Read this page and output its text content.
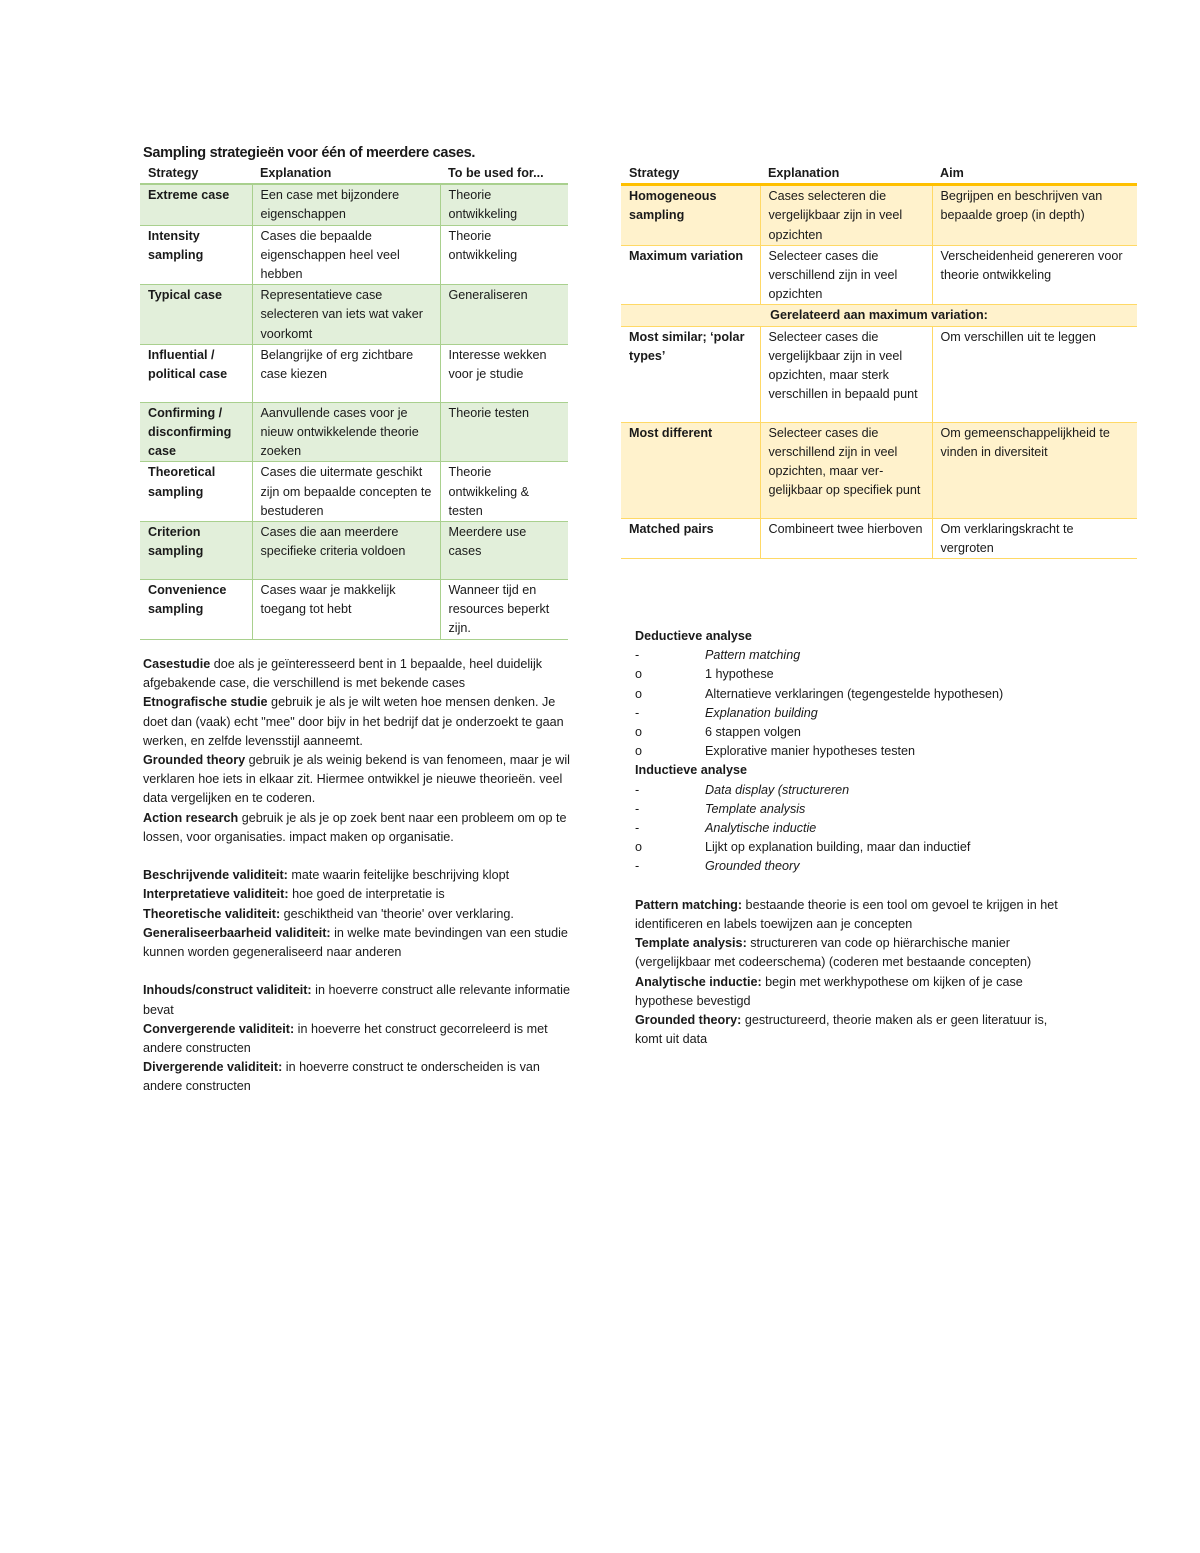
Sampling strategieën voor één of meerdere cases.
Strategy	Explanation	To be used for...
Extreme case	Een case met bijzondere eigenschappen	Theorie ontwikkeling
Intensity sampling	Cases die bepaalde eigenschappen heel veel hebben	Theorie ontwikkeling
Typical case	Representatieve case selecteren van iets wat vaker voorkomt	Generaliseren
Influential / political case	Belangrijke of erg zichtbare case kiezen	Interesse wekken voor je studie
Confirming / disconfirming case	Aanvullende cases voor je nieuw ontwikkelende theorie zoeken	Theorie testen
Theoretical sampling	Cases die uitermate geschikt zijn om bepaalde concepten te bestuderen	Theorie ontwikkeling & testen
Criterion sampling	Cases die aan meerdere specifieke criteria voldoen	Meerdere use cases
Convenience sampling	Cases waar je makkelijk toegang tot hebt	Wanneer tijd en resources beperkt zijn.
Strategy	Explanation	Aim
Homogeneous sampling	Cases selecteren die vergelijkbaar zijn in veel opzichten	Begrijpen en beschrijven van bepaalde groep (in depth)
Maximum variation	Selecteer cases die verschillend zijn in veel opzichten	Verscheidenheid genereren voor theorie ontwikkeling
Gerelateerd aan maximum variation:		
Most similar; ‘polar types’	Selecteer cases die vergelijkbaar zijn in veel opzichten, maar sterk verschillen in bepaald punt	Om verschillen uit te leggen
Most different	Selecteer cases die verschillend zijn in veel opzichten, maar ver-gelijkbaar op specifiek punt	Om gemeenschappelijkheid te vinden in diversiteit
Matched pairs	Combineert twee hierboven	Om verklaringskracht te vergroten
Casestudie doe als je geïnteresseerd bent in 1 bepaalde, heel duidelijk afgebakende case, die verschillend is met bekende cases
Etnografische studie gebruik je als je wilt weten hoe mensen denken. Je doet dan (vaak) echt "mee" door bijv in het bedrijf dat je onderzoekt te gaan werken, en zelfde levensstijl aanneemt.
Grounded theory gebruik je als weinig bekend is van fenomeen, maar je wil verklaren hoe iets in elkaar zit. Hiermee ontwikkel je nieuwe theorieën. veel data vergelijken en te coderen.
Action research gebruik je als je op zoek bent naar een probleem om op te lossen, voor organisaties. impact maken op organisatie.
Beschrijvende validiteit: mate waarin feitelijke beschrijving klopt
Interpretatieve validiteit: hoe goed de interpretatie is
Theoretische validiteit: geschiktheid van 'theorie' over verklaring.
Generaliseerbaarheid validiteit: in welke mate bevindingen van een studie kunnen worden gegeneraliseerd naar anderen
Inhouds/construct validiteit: in hoeverre construct alle relevante informatie bevat
Convergerende validiteit: in hoeverre het construct gecorreleerd is met andere constructen
Divergerende validiteit: in hoeverre construct te onderscheiden is van andere constructen
Deductieve analyse
-	Pattern matching
o	1 hypothese
o	Alternatieve verklaringen (tegengestelde hypothesen)
-	Explanation building
o	6 stappen volgen
o	Explorative manier hypotheses testen
Inductieve analyse
-	Data display (structureren
-	Template analysis
-	Analytische inductie
o	Lijkt op explanation building, maar dan inductief
-	Grounded theory
Pattern matching: bestaande theorie is een tool om gevoel te krijgen in het identificeren en labels toewijzen aan je concepten
Template analysis: structureren van code op hiërarchische manier (vergelijkbaar met codeerschema) (coderen met bestaande concepten)
Analytische inductie: begin met werkhypothese om kijken of je case hypothese bevestigd
Grounded theory: gestructureerd, theorie maken als er geen literatuur is, komt uit data
